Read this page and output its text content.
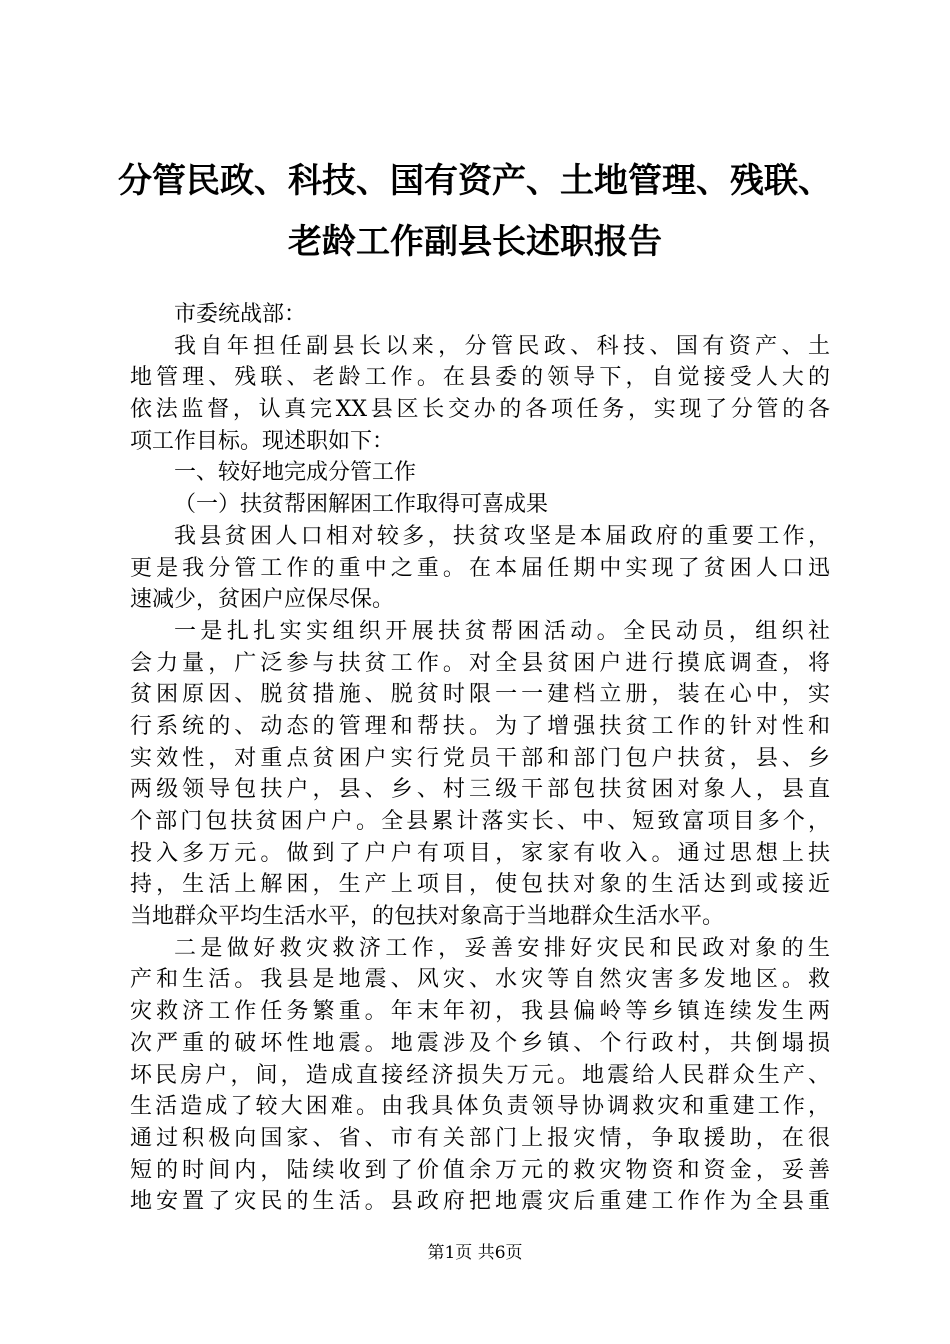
分管民政、科技、国有资产、土地管理、残联、
老龄工作副县长述职报告
市委统战部：
我自年担任副县长以来，分管民政、科技、国有资产、土
地管理、残联、老龄工作。在县委的领导下，自觉接受人大的
依法监督，认真完XX县区长交办的各项任务，实现了分管的各
项工作目标。现述职如下：
一、较好地完成分管工作
（一）扶贫帮困解困工作取得可喜成果
我县贫困人口相对较多，扶贫攻坚是本届政府的重要工作，
更是我分管工作的重中之重。在本届任期中实现了贫困人口迅
速减少，贫困户应保尽保。
一是扎扎实实组织开展扶贫帮困活动。全民动员，组织社
会力量，广泛参与扶贫工作。对全县贫困户进行摸底调查，将
贫困原因、脱贫措施、脱贫时限一一建档立册，装在心中，实
行系统的、动态的管理和帮扶。为了增强扶贫工作的针对性和
实效性，对重点贫困户实行党员干部和部门包户扶贫，县、乡
两级领导包扶户，县、乡、村三级干部包扶贫困对象人，县直
个部门包扶贫困户户。全县累计落实长、中、短致富项目多个，
投入多万元。做到了户户有项目，家家有收入。通过思想上扶
持，生活上解困，生产上项目，使包扶对象的生活达到或接近
当地群众平均生活水平，的包扶对象高于当地群众生活水平。
二是做好救灾救济工作，妥善安排好灾民和民政对象的生
产和生活。我县是地震、风灾、水灾等自然灾害多发地区。救
灾救济工作任务繁重。年末年初，我县偏岭等乡镇连续发生两
次严重的破坏性地震。地震涉及个乡镇、个行政村，共倒塌损
坏民房户，间，造成直接经济损失万元。地震给人民群众生产、
生活造成了较大困难。由我具体负责领导协调救灾和重建工作，
通过积极向国家、省、市有关部门上报灾情，争取援助，在很
短的时间内，陆续收到了价值余万元的救灾物资和资金，妥善
地安置了灾民的生活。县政府把地震灾后重建工作作为全县重
第1页 共6页
